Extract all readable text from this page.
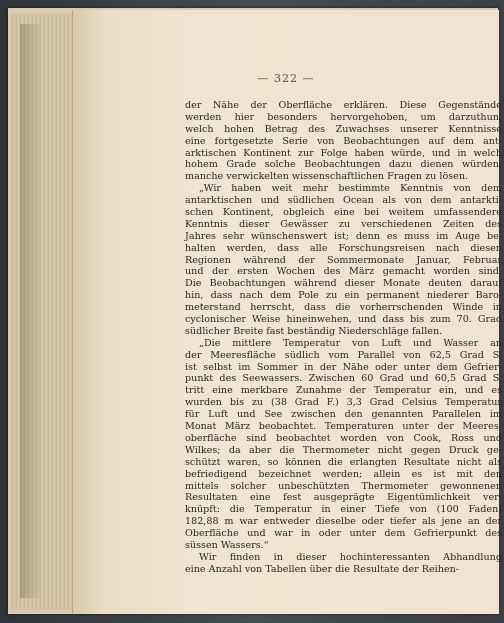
— 322 —
der Nähe der Oberfläche erklären. Diese Gegenstände
werden hier besonders hervorgehoben, um darzuthun,
welch hohen Betrag des Zuwachses unserer Kenntnisse
eine fortgesetzte Serie von Beobachtungen auf dem ant-
arktischen Kontinent zur Folge haben würde, und in welch
hohem Grade solche Beobachtungen dazu dienen würden,
manche verwickelten wissenschaftlichen Fragen zu lösen.
„Wir haben weit mehr bestimmte Kenntnis von dem
antarktischen und südlichen Ocean als von dem antarkti-
schen Kontinent, obgleich eine bei weitem umfassendere
Kenntnis dieser Gewässer zu verschiedenen Zeiten des
Jahres sehr wünschenswert ist; denn es muss im Auge be-
halten werden, dass alle Forschungsreisen nach diesen
Regionen während der Sommermonate Januar, Februar
und der ersten Wochen des März gemacht worden sind.
Die Beobachtungen während dieser Monate deuten darauf
hin, dass nach dem Pole zu ein permanent niederer Baro-
meterstand herrscht, dass die vorherrschenden Winde in
cyclonischer Weise hineinwehen, und dass bis zum 70. Grad
südlicher Breite fast beständig Niederschläge fallen.
„Die mittlere Temperatur von Luft und Wasser an
der Meeresfläche südlich vom Parallel von 62,5 Grad S.
ist selbst im Sommer in der Nähe oder unter dem Gefrier-
punkt des Seewassers. Zwischen 60 Grad und 60,5 Grad S.
tritt eine merkbare Zunahme der Temperatur ein, und es
wurden bis zu (38 Grad F.) 3,3 Grad Celsius Temperatur
für Luft und See zwischen den genannten Parallelen im
Monat März beobachtet. Temperaturen unter der Meeres-
oberfläche sind beobachtet worden von Cook, Ross und
Wilkes; da aber die Thermometer nicht gegen Druck ge-
schützt waren, so können die erlangten Resultate nicht als
befriedigend bezeichnet werden; allein es ist mit den
mittels solcher unbeschützten Thermometer gewonnenen
Resultaten eine fest ausgeprägte Eigentümlichkeit ver-
knüpft: die Temperatur in einer Tiefe von (100 Faden)
182,88 m war entweder dieselbe oder tiefer als jene an der
Oberfläche und war in oder unter dem Gefrierpunkt des
süssen Wassers.“
Wir finden in dieser hochinteressanten Abhandlung
eine Anzahl von Tabellen über die Resultate der Reihen-
